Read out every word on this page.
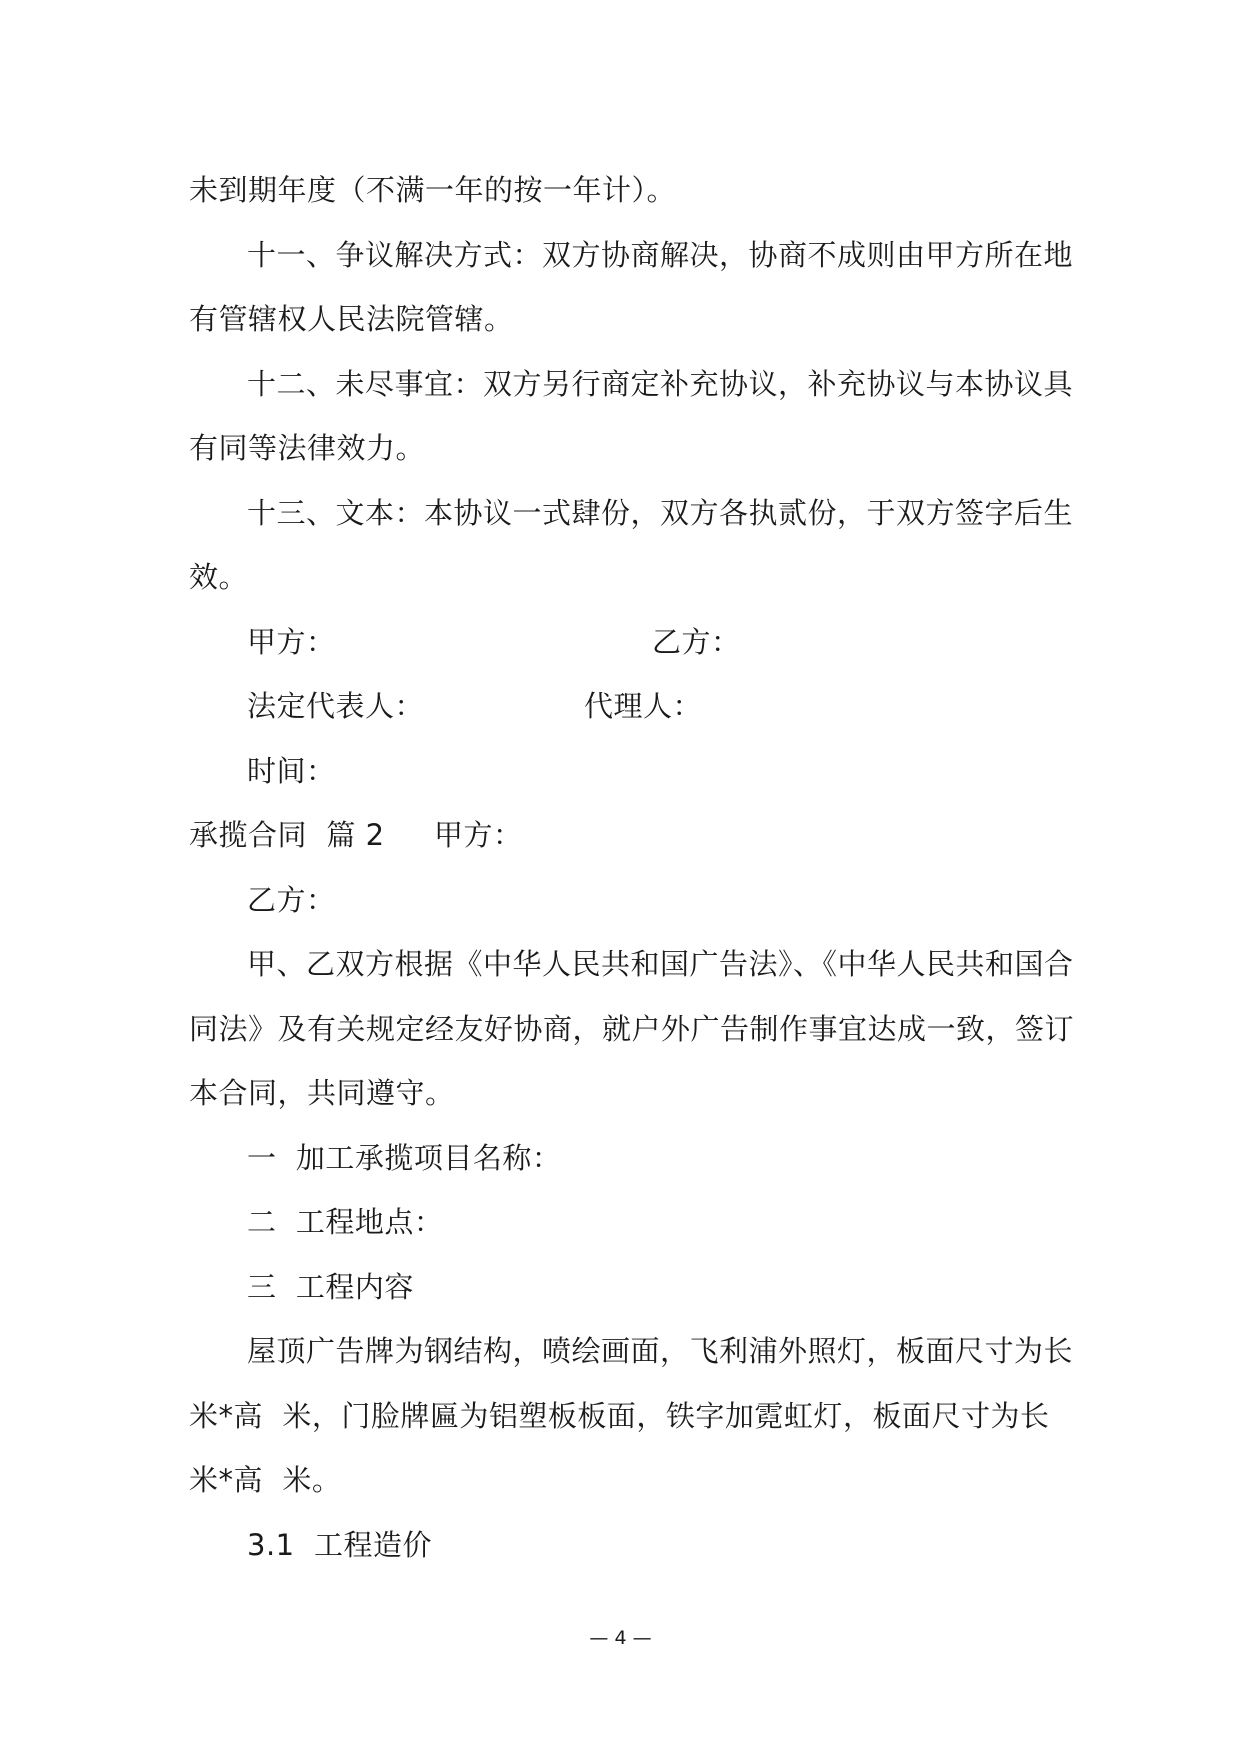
未到期年度（不满一年的按一年计）。
十一、争议解决方式：双方协商解决，协商不成则由甲方所在地
有管辖权人民法院管辖。
十二、未尽事宜：双方另行商定补充协议，补充协议与本协议具
有同等法律效力。
十三、文本：本协议一式肆份，双方各执贰份，于双方签字后生
效。
甲方：	乙方：
法定代表人：	代理人：
时间：
承揽合同  篇 2 甲方：
乙方：
甲、乙双方根据《中华人民共和国广告法》、《中华人民共和国合
同法》及有关规定经友好协商，就户外广告制作事宜达成一致，签订
本合同，共同遵守。
一  加工承揽项目名称：
二  工程地点：
三  工程内容
屋顶广告牌为钢结构，喷绘画面，飞利浦外照灯，板面尺寸为长
米*高  米，门脸牌匾为铝塑板板面，铁字加霓虹灯，板面尺寸为长
米*高  米。
3.1  工程造价
— 4 —
